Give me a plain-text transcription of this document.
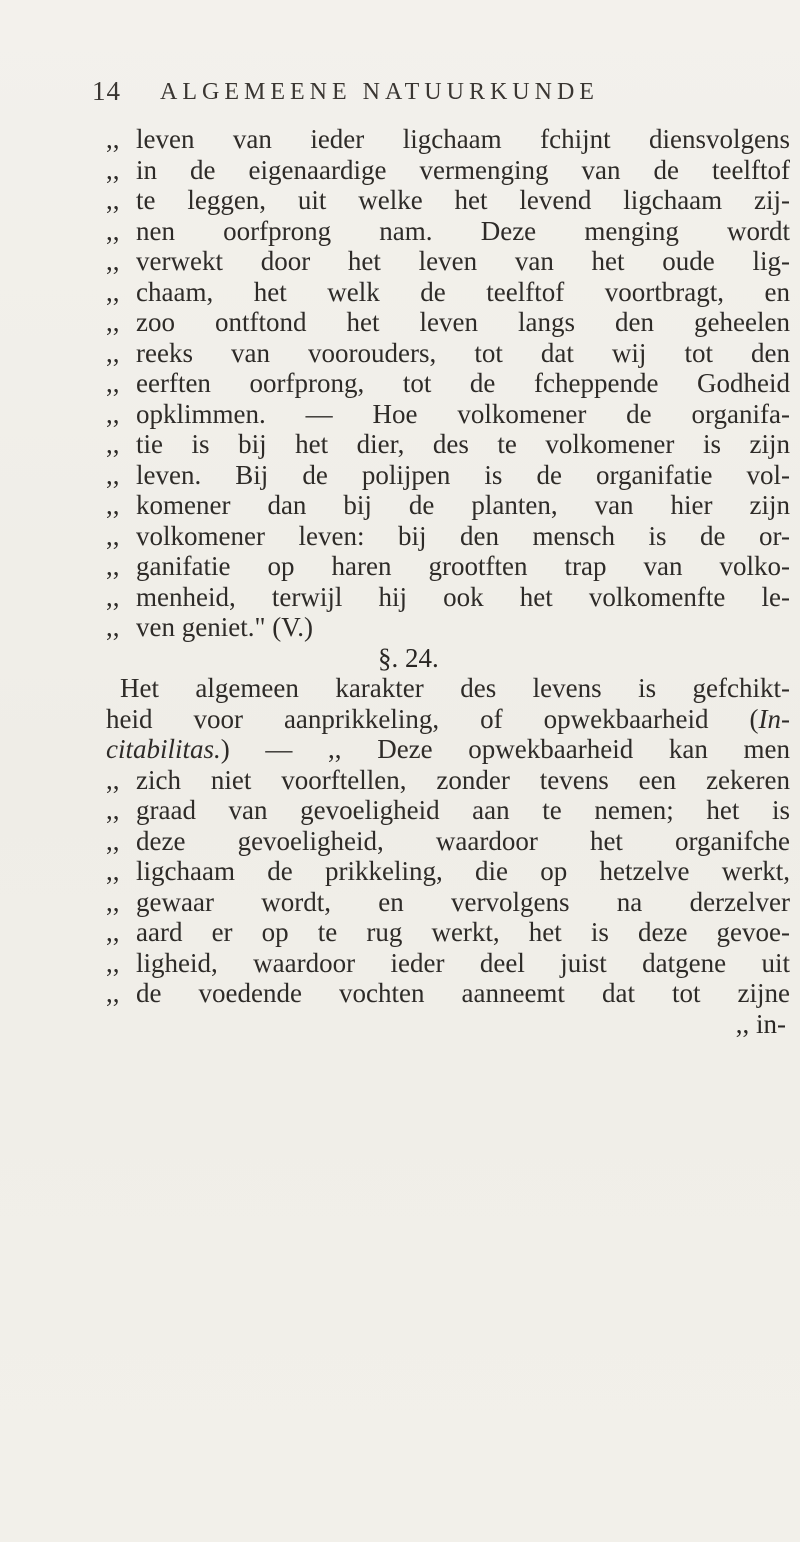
14 ALGEMEENE NATUURKUNDE
,, leven van ieder ligchaam fchijnt diensvolgens
,, in de eigenaardige vermenging van de teelftof
,, te leggen, uit welke het levend ligchaam zij-
,, nen oorfprong nam. Deze menging wordt
,, verwekt door het leven van het oude lig-
,, chaam, het welk de teelftof voortbragt, en
,, zoo ontftond het leven langs den geheelen
,, reeks van voorouders, tot dat wij tot den
,, eerften oorfprong, tot de fcheppende Godheid
,, opklimmen. — Hoe volkomener de organifa-
,, tie is bij het dier, des te volkomener is zijn
,, leven. Bij de polijpen is de organifatie vol-
,, komener dan bij de planten, van hier zijn
,, volkomener leven: bij den mensch is de or-
,, ganifatie op haren grootften trap van volko-
,, menheid, terwijl hij ook het volkomenfte le-
,, ven geniet." (V.)
§. 24.
Het algemeen karakter des levens is gefchikt-
heid voor aanprikkeling, of opwekbaarheid (In-
citabilitas.) — ,, Deze opwekbaarheid kan men
,, zich niet voorftellen, zonder tevens een zekeren
,, graad van gevoeligheid aan te nemen; het is
,, deze gevoeligheid, waardoor het organifche
,, ligchaam de prikkeling, die op hetzelve werkt,
,, gewaar wordt, en vervolgens na derzelver
,, aard er op te rug werkt, het is deze gevoe-
,, ligheid, waardoor ieder deel juist datgene uit
,, de voedende vochten aanneemt dat tot zijne
,, in-
